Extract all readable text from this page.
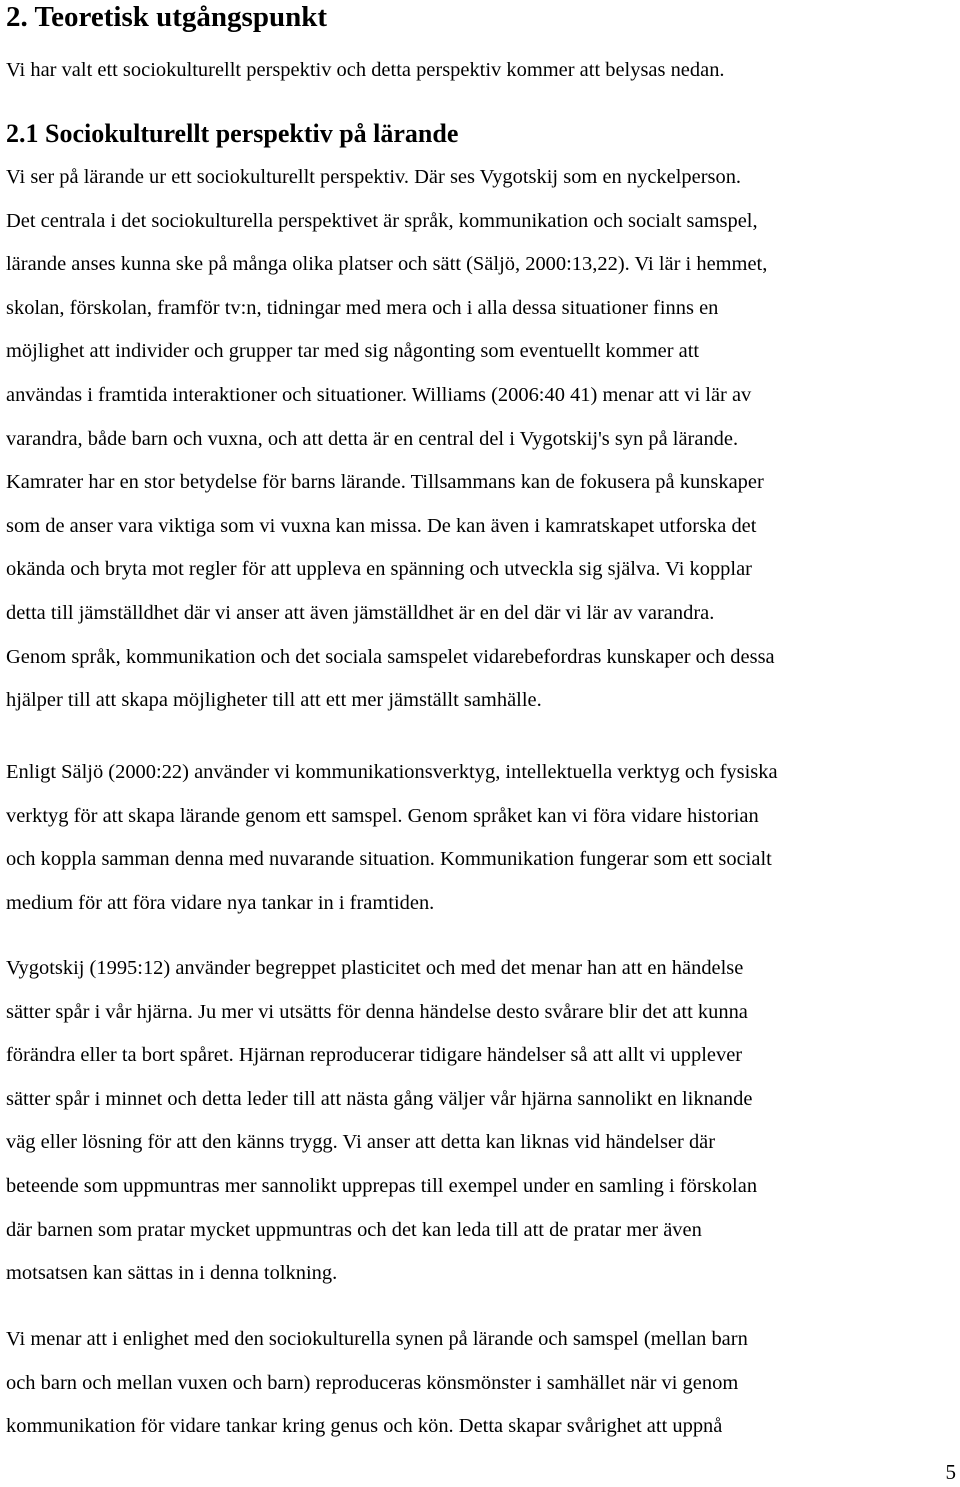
2. Teoretisk utgångspunkt

Vi har valt ett sociokulturellt perspektiv och detta perspektiv kommer att belysas nedan.

2.1 Sociokulturellt perspektiv på lärande

Vi ser på lärande ur ett sociokulturellt perspektiv. Där ses Vygotskij som en nyckelperson.
Det centrala i det sociokulturella perspektivet är språk, kommunikation och socialt samspel,
lärande anses kunna ske på många olika platser och sätt (Säljö, 2000:13,22). Vi lär i hemmet,
skolan, förskolan, framför tv:n, tidningar med mera och i alla dessa situationer finns en
möjlighet att individer och grupper tar med sig någonting som eventuellt kommer att
användas i framtida interaktioner och situationer. Williams (2006:40 41) menar att vi lär av
varandra, både barn och vuxna, och att detta är en central del i Vygotskij's syn på lärande.
Kamrater har en stor betydelse för barns lärande. Tillsammans kan de fokusera på kunskaper
som de anser vara viktiga som vi vuxna kan missa. De kan även i kamratskapet utforska det
okända och bryta mot regler för att uppleva en spänning och utveckla sig själva. Vi kopplar
detta till jämställdhet där vi anser att även jämställdhet är en del där vi lär av varandra.
Genom språk, kommunikation och det sociala samspelet vidarebefordras kunskaper och dessa
hjälper till att skapa möjligheter till att ett mer jämställt samhälle.

Enligt Säljö (2000:22) använder vi kommunikationsverktyg, intellektuella verktyg och fysiska
verktyg för att skapa lärande genom ett samspel. Genom språket kan vi föra vidare historian
och koppla samman denna med nuvarande situation. Kommunikation fungerar som ett socialt
medium för att föra vidare nya tankar in i framtiden.

Vygotskij (1995:12) använder begreppet plasticitet och med det menar han att en händelse
sätter spår i vår hjärna. Ju mer vi utsätts för denna händelse desto svårare blir det att kunna
förändra eller ta bort spåret. Hjärnan reproducerar tidigare händelser så att allt vi upplever
sätter spår i minnet och detta leder till att nästa gång väljer vår hjärna sannolikt en liknande
väg eller lösning för att den känns trygg. Vi anser att detta kan liknas vid händelser där
beteende som uppmuntras mer sannolikt upprepas till exempel under en samling i förskolan
där barnen som pratar mycket uppmuntras och det kan leda till att de pratar mer även
motsatsen kan sättas in i denna tolkning.

Vi menar att i enlighet med den sociokulturella synen på lärande och samspel (mellan barn
och barn och mellan vuxen och barn) reproduceras könsmönster i samhället när vi genom
kommunikation för vidare tankar kring genus och kön. Detta skapar svårighet att uppnå

5
